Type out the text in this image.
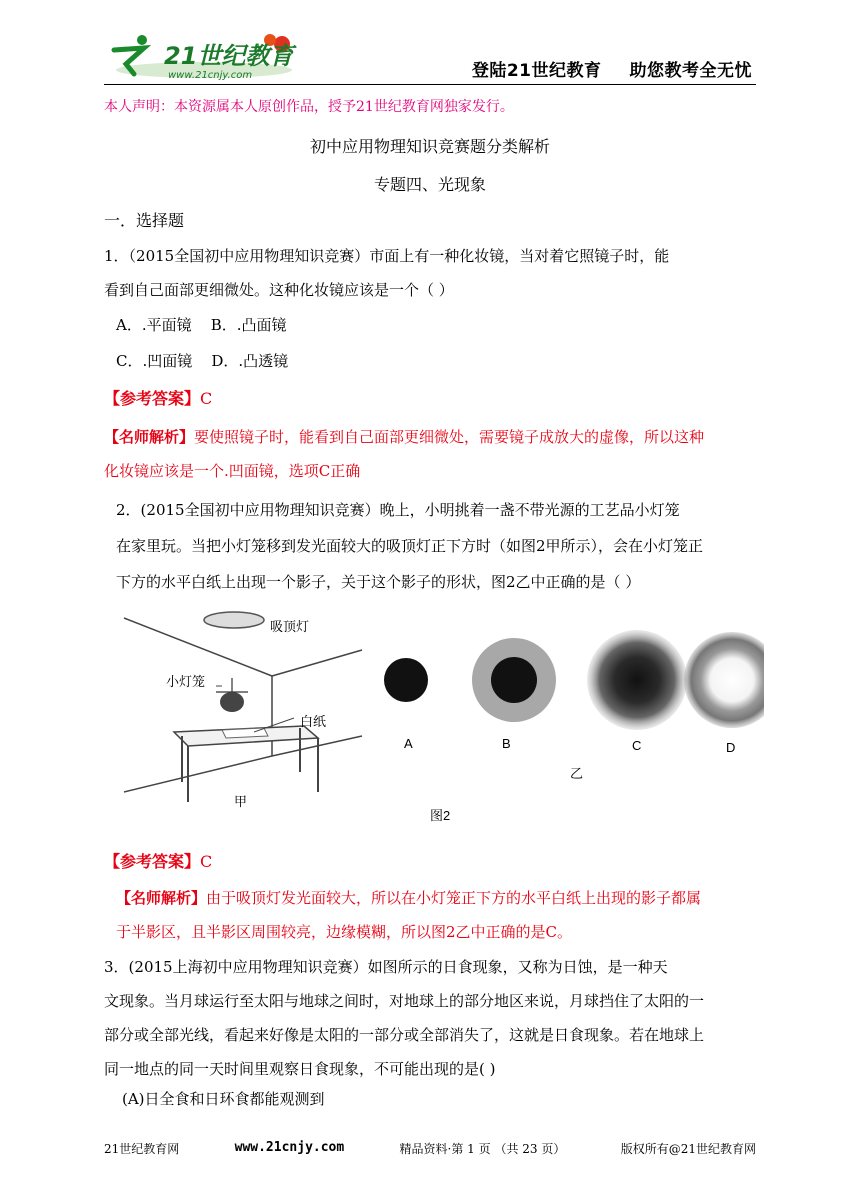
21世纪教育
www.21cnjy.com	登陆21世纪教育 助您教考全无忧
本人声明：本资源属本人原创作品，授予21世纪教育网独家发行。
初中应用物理知识竞赛题分类解析
专题四、光现象
一．选择题
1．（2015全国初中应用物理知识竞赛）市面上有一种化妆镜，当对着它照镜子时，能
看到自己面部更细微处。这种化妆镜应该是一个（ ）
A．.平面镜 B．.凸面镜
C．.凹面镜 D．.凸透镜
【参考答案】C
【名师解析】要使照镜子时，能看到自己面部更细微处，需要镜子成放大的虚像，所以这种
化妆镜应该是一个.凹面镜，选项C正确
2．(2015全国初中应用物理知识竞赛）晚上，小明挑着一盏不带光源的工艺品小灯笼
在家里玩。当把小灯笼移到发光面较大的吸顶灯正下方时（如图2甲所示），会在小灯笼正
下方的水平白纸上出现一个影子，关于这个影子的形状，图2乙中正确的是（ ）
吸顶灯
小灯笼
白纸
甲
A	B	C	D
乙
图2
【参考答案】C
【名师解析】由于吸顶灯发光面较大，所以在小灯笼正下方的水平白纸上出现的影子都属
于半影区，且半影区周围较亮，边缘模糊，所以图2乙中正确的是C。
3．(2015上海初中应用物理知识竞赛）如图所示的日食现象，又称为日蚀，是一种天
文现象。当月球运行至太阳与地球之间时，对地球上的部分地区来说，月球挡住了太阳的一
部分或全部光线，看起来好像是太阳的一部分或全部消失了，这就是日食现象。若在地球上
同一地点的同一天时间里观察日食现象，不可能出现的是( )
(A)日全食和日环食都能观测到
21世纪教育网	www.21cnjy.com	精品资料·第 1 页 （共 23 页）	版权所有@21世纪教育网
